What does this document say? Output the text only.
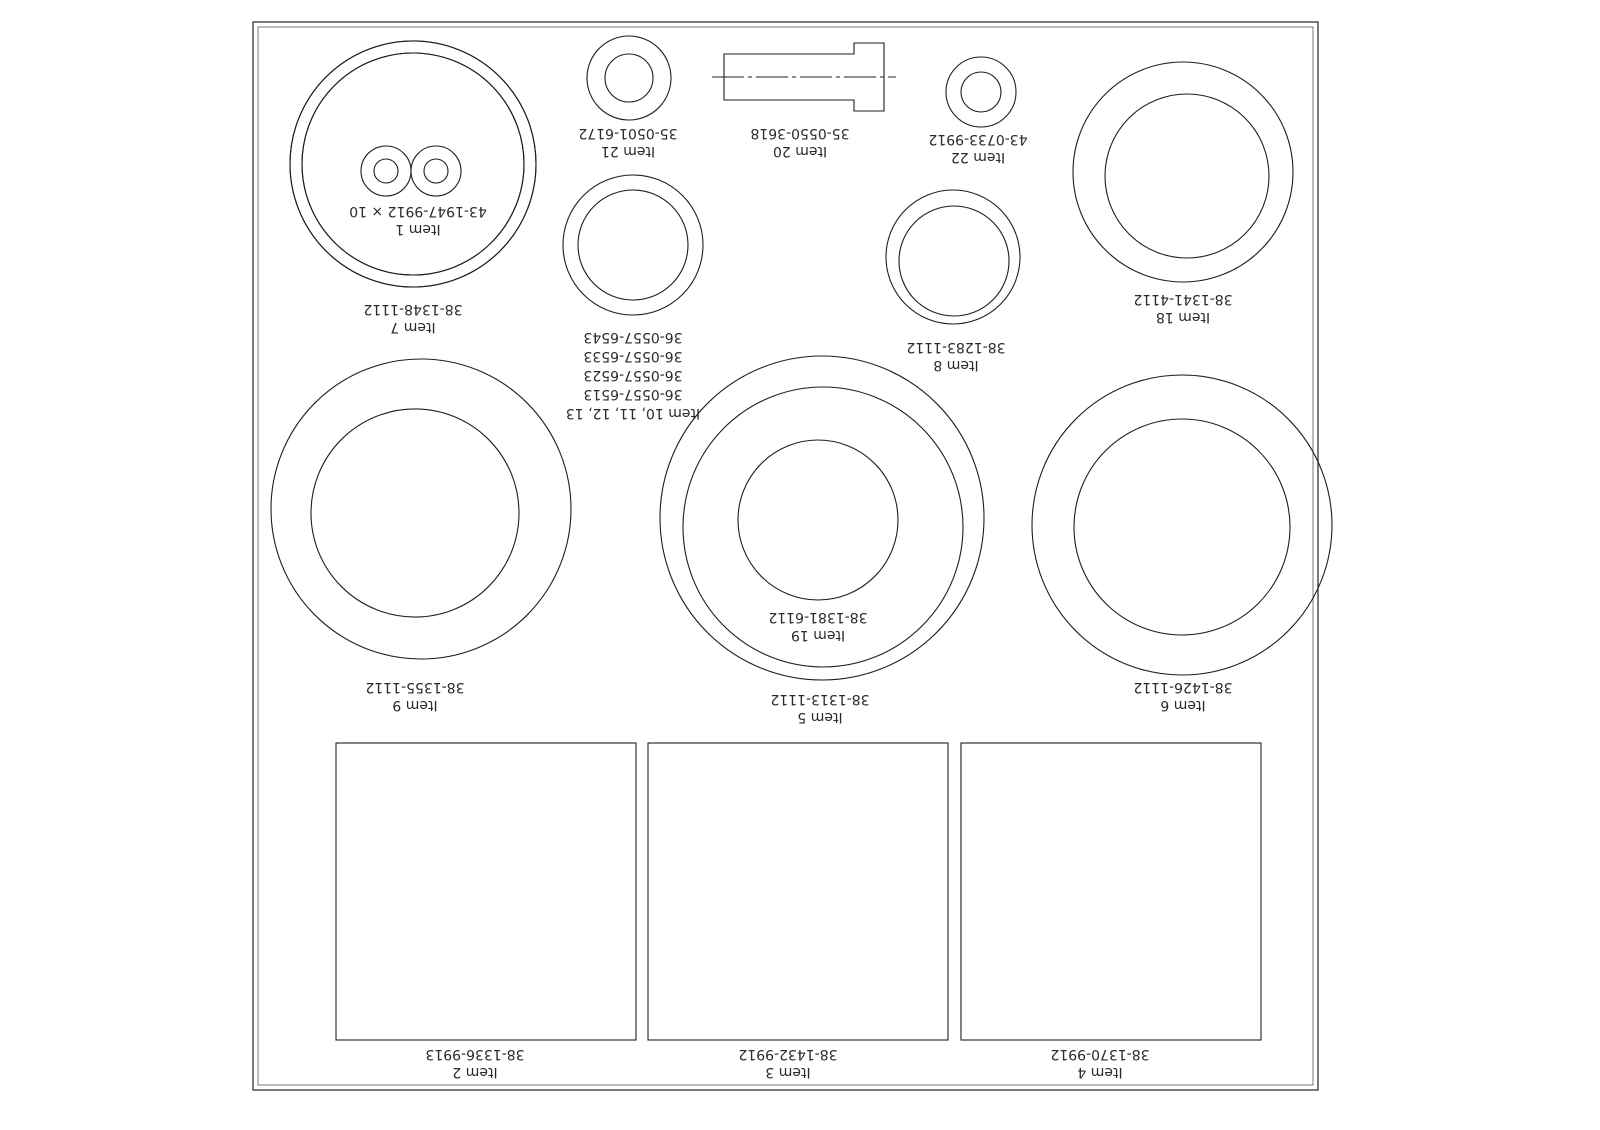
Item 7
38-1348-1112
Item 1
43-1947-9912 × 10
Item 21
35-0501-6172
Item 20
35-0550-3618
Item 22
43-0733-9912
Item 18
38-1341-4112
Item 10, 11, 12, 13
36-0557-6513
36-0557-6523
36-0557-6533
36-0557-6543
Item 8
38-1283-1112
Item 9
38-1355-1112
Item 5
38-1313-1112
Item 19
38-1381-6112
Item 6
38-1426-1112
Item 2
38-1336-9913
Item 3
38-1432-9912
Item 4
38-1370-9912
